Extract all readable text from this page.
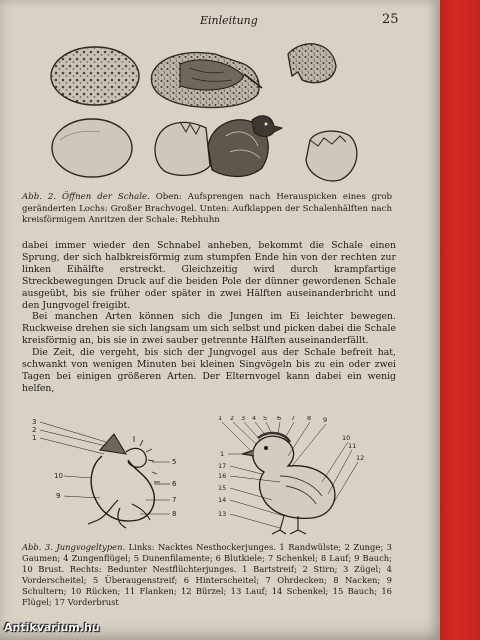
Einleitung	25
Abb. 2. Öffnen der Schale. Oben: Aufsprengen nach Herauspicken eines grob geränderten Lochs: Großer Brachvogel. Unten: Aufklappen der Schalenhälften nach kreisförmigem Anritzen der Schale: Rebhuhn

dabei immer wieder den Schnabel anheben, bekommt die Schale einen Sprung, der sich halbkreisförmig zum stumpfen Ende hin von der rechten zur linken Eihälfte erstreckt. Gleichzeitig wird durch krampfartige Streckbewegungen Druck auf die beiden Pole der dünner gewordenen Schale ausgeübt, bis sie früher oder später in zwei Hälften auseinanderbricht und den Jungvogel freigibt.

Bei manchen Arten können sich die Jungen im Ei leichter bewegen. Ruckweise drehen sie sich langsam um sich selbst und picken dabei die Schale kreisförmig an, bis sie in zwei sauber getrennte Hälften auseinanderfällt.

Die Zeit, die vergeht, bis sich der Jungvogel aus der Schale befreit hat, schwankt von wenigen Minuten bei kleinen Singvögeln bis zu ein oder zwei Tagen bei einigen größeren Arten. Der Elternvogel kann dabei ein wenig helfen,

3
2
1
10
9
5
6
7
8
1 2 3 4 5 6 7 8 9
10
11
12
1
17
16
15
14
13
Abb. 3. Jungvogeltypen. Links: Nacktes Nesthockerjunges. 1 Randwülste; 2 Zunge; 3 Gaumen; 4 Zungenflügel; 5 Dunenfilamente; 6 Blutkiele; 7 Schenkel; 8 Lauf; 9 Bauch; 10 Brust. Rechts: Bedunter Nestflüchterjunges. 1 Bartstreif; 2 Stirn; 3 Zügel; 4 Vorderscheitel; 5 Überaugenstreif; 6 Hinterscheitel; 7 Ohrdecken; 8 Nacken; 9 Schultern; 10 Rücken; 11 Flanken; 12 Bürzel; 13 Lauf; 14 Schenkel; 15 Bauch; 16 Flügel; 17 Vorderbrust
Antikvarium.hu
